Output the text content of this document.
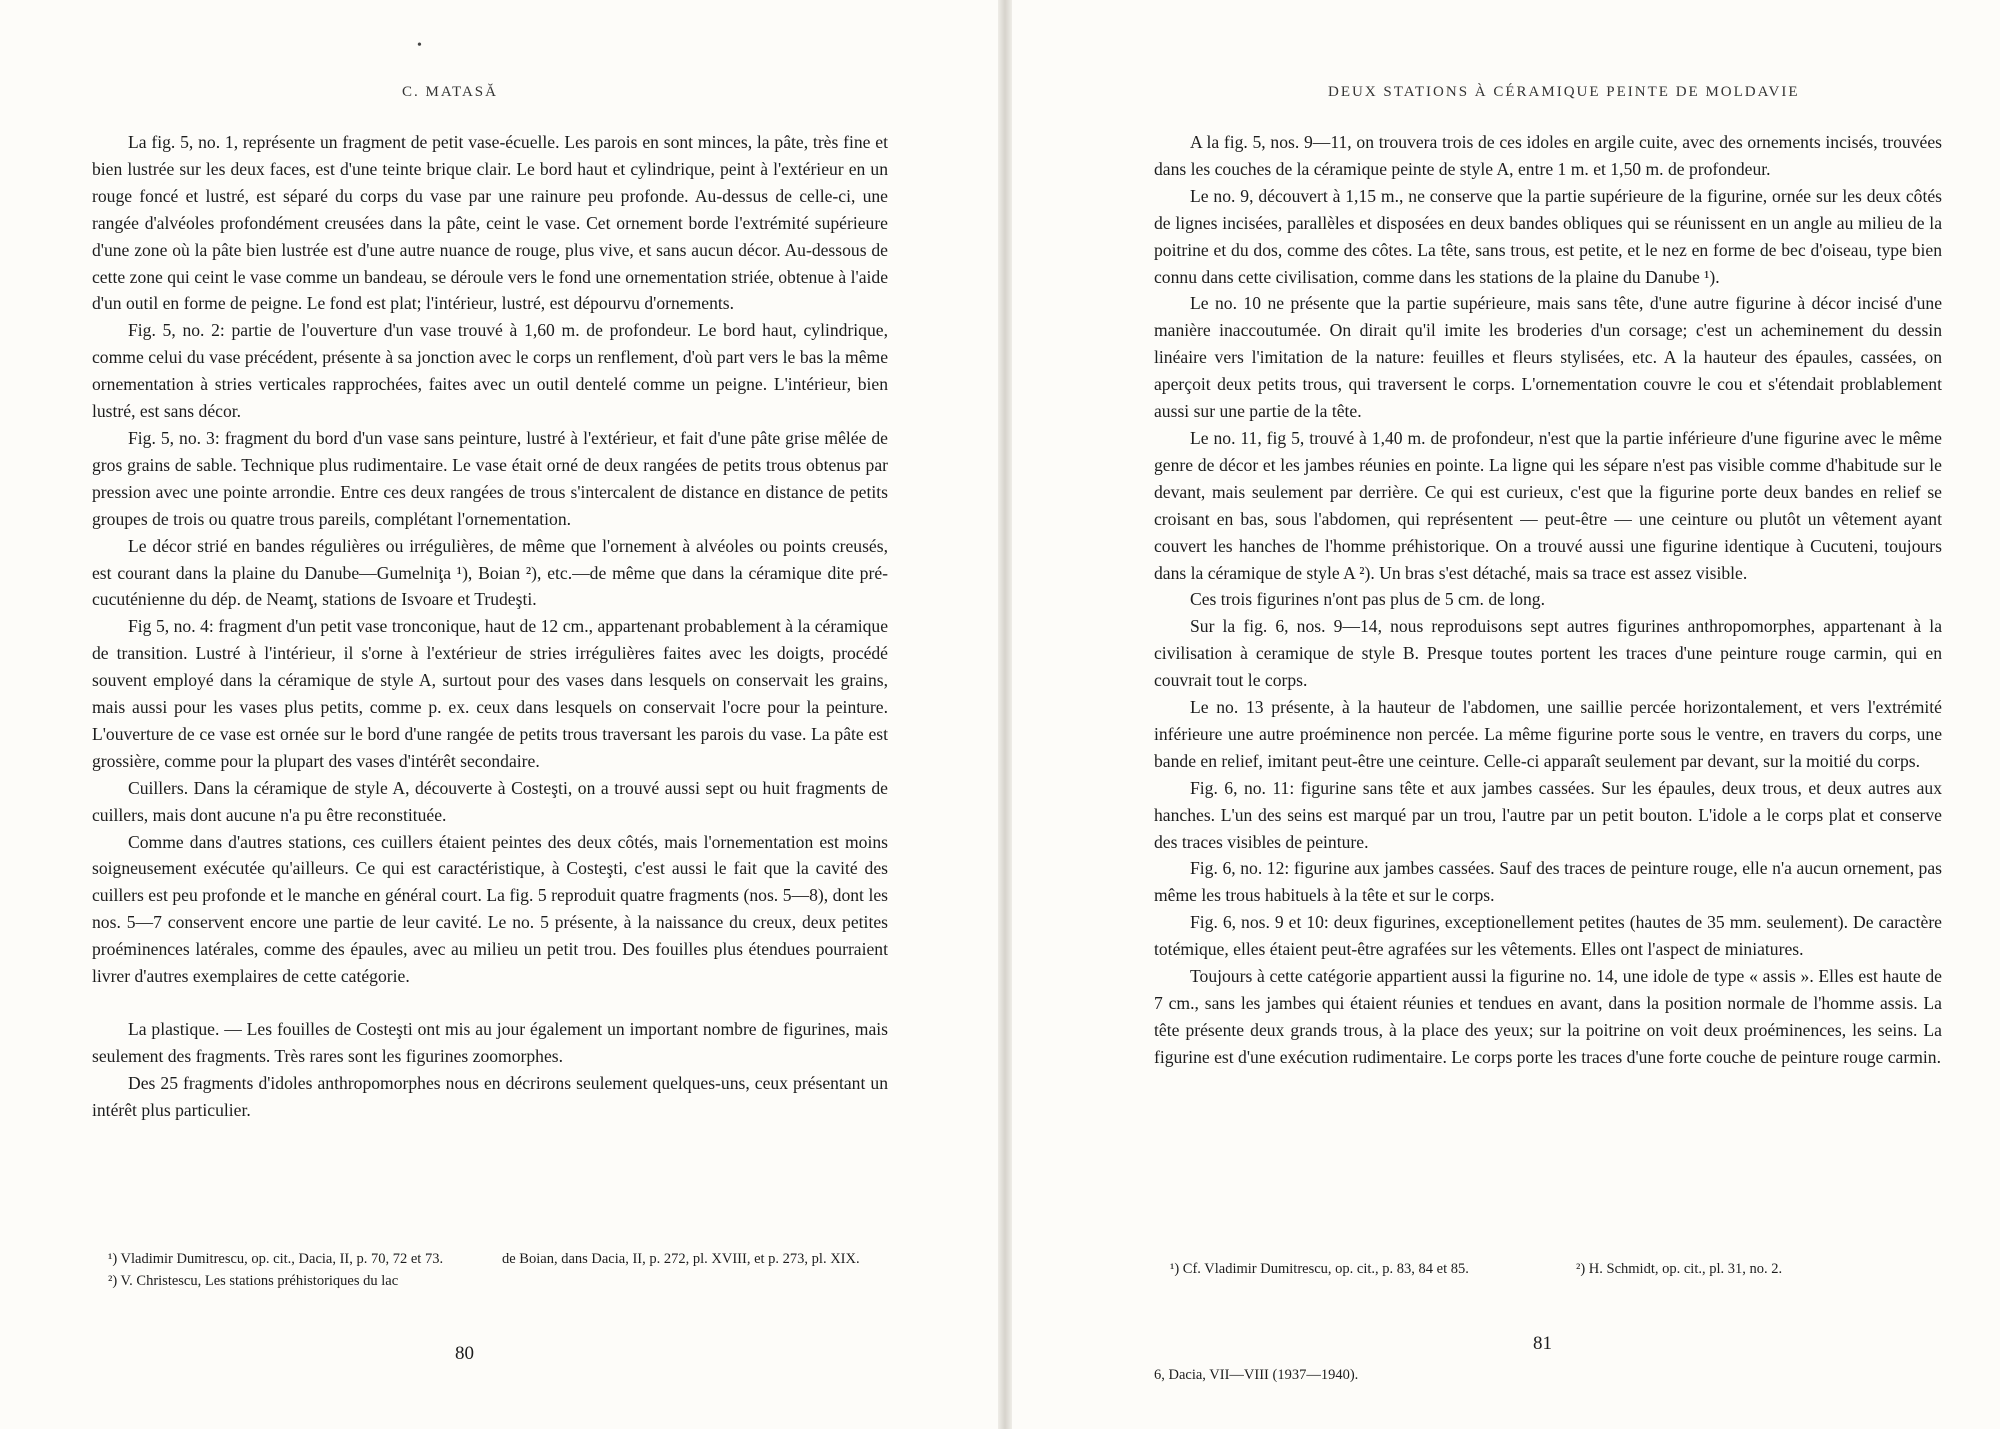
•
C. MATASĂ

La fig. 5, no. 1, représente un fragment de petit vase-écuelle. Les parois en sont minces, la pâte, très fine et bien lustrée sur les deux faces, est d'une teinte brique clair. Le bord haut et cylindrique, peint à l'extérieur en un rouge foncé et lustré, est séparé du corps du vase par une rainure peu profonde. Au-dessus de celle-ci, une rangée d'alvéoles profondément creusées dans la pâte, ceint le vase. Cet ornement borde l'extrémité supérieure d'une zone où la pâte bien lustrée est d'une autre nuance de rouge, plus vive, et sans aucun décor. Au-dessous de cette zone qui ceint le vase comme un bandeau, se déroule vers le fond une ornementation striée, obtenue à l'aide d'un outil en forme de peigne. Le fond est plat; l'intérieur, lustré, est dépourvu d'ornements.

Fig. 5, no. 2: partie de l'ouverture d'un vase trouvé à 1,60 m. de profondeur. Le bord haut, cylindrique, comme celui du vase précédent, présente à sa jonction avec le corps un renflement, d'où part vers le bas la même ornementation à stries verticales rapprochées, faites avec un outil dentelé comme un peigne. L'intérieur, bien lustré, est sans décor.

Fig. 5, no. 3: fragment du bord d'un vase sans peinture, lustré à l'extérieur, et fait d'une pâte grise mêlée de gros grains de sable. Technique plus rudimentaire. Le vase était orné de deux rangées de petits trous obtenus par pression avec une pointe arrondie. Entre ces deux rangées de trous s'intercalent de distance en distance de petits groupes de trois ou quatre trous pareils, complétant l'ornementation.

Le décor strié en bandes régulières ou irrégulières, de même que l'ornement à alvéoles ou points creusés, est courant dans la plaine du Danube—Gumelniţa ¹), Boian ²), etc.—de même que dans la céramique dite pré-cucuténienne du dép. de Neamţ, stations de Isvoare et Trudeşti.

Fig 5, no. 4: fragment d'un petit vase tronconique, haut de 12 cm., appartenant probablement à la céramique de transition. Lustré à l'intérieur, il s'orne à l'extérieur de stries irrégulières faites avec les doigts, procédé souvent employé dans la céramique de style A, surtout pour des vases dans lesquels on conservait les grains, mais aussi pour les vases plus petits, comme p. ex. ceux dans lesquels on conservait l'ocre pour la peinture. L'ouverture de ce vase est ornée sur le bord d'une rangée de petits trous traversant les parois du vase. La pâte est grossière, comme pour la plupart des vases d'intérêt secondaire.

Cuillers. Dans la céramique de style A, découverte à Costeşti, on a trouvé aussi sept ou huit fragments de cuillers, mais dont aucune n'a pu être reconstituée.

Comme dans d'autres stations, ces cuillers étaient peintes des deux côtés, mais l'ornementation est moins soigneusement exécutée qu'ailleurs. Ce qui est caractéristique, à Costeşti, c'est aussi le fait que la cavité des cuillers est peu profonde et le manche en général court. La fig. 5 reproduit quatre fragments (nos. 5—8), dont les nos. 5—7 conservent encore une partie de leur cavité. Le no. 5 présente, à la naissance du creux, deux petites proéminences latérales, comme des épaules, avec au milieu un petit trou. Des fouilles plus étendues pourraient livrer d'autres exemplaires de cette catégorie.

La plastique. — Les fouilles de Costeşti ont mis au jour également un important nombre de figurines, mais seulement des fragments. Très rares sont les figurines zoomorphes.

Des 25 fragments d'idoles anthropomorphes nous en décrirons seulement quelques-uns, ceux présentant un intérêt plus particulier.

¹) Vladimir Dumitrescu, op. cit., Dacia, II, p. 70, 72 et 73.

²) V. Christescu, Les stations préhistoriques du lac

de Boian, dans Dacia, II, p. 272, pl. XVIII, et p. 273, pl. XIX.

80
DEUX STATIONS À CÉRAMIQUE PEINTE DE MOLDAVIE

A la fig. 5, nos. 9—11, on trouvera trois de ces idoles en argile cuite, avec des ornements incisés, trouvées dans les couches de la céramique peinte de style A, entre 1 m. et 1,50 m. de profondeur.

Le no. 9, découvert à 1,15 m., ne conserve que la partie supérieure de la figurine, ornée sur les deux côtés de lignes incisées, parallèles et disposées en deux bandes obliques qui se réunissent en un angle au milieu de la poitrine et du dos, comme des côtes. La tête, sans trous, est petite, et le nez en forme de bec d'oiseau, type bien connu dans cette civilisation, comme dans les stations de la plaine du Danube ¹).

Le no. 10 ne présente que la partie supérieure, mais sans tête, d'une autre figurine à décor incisé d'une manière inaccoutumée. On dirait qu'il imite les broderies d'un corsage; c'est un acheminement du dessin linéaire vers l'imitation de la nature: feuilles et fleurs stylisées, etc. A la hauteur des épaules, cassées, on aperçoit deux petits trous, qui traversent le corps. L'ornementation couvre le cou et s'étendait problablement aussi sur une partie de la tête.

Le no. 11, fig 5, trouvé à 1,40 m. de profondeur, n'est que la partie inférieure d'une figurine avec le même genre de décor et les jambes réunies en pointe. La ligne qui les sépare n'est pas visible comme d'habitude sur le devant, mais seulement par derrière. Ce qui est curieux, c'est que la figurine porte deux bandes en relief se croisant en bas, sous l'abdomen, qui représentent — peut-être — une ceinture ou plutôt un vêtement ayant couvert les hanches de l'homme préhistorique. On a trouvé aussi une figurine identique à Cucuteni, toujours dans la céramique de style A ²). Un bras s'est détaché, mais sa trace est assez visible.

Ces trois figurines n'ont pas plus de 5 cm. de long.

Sur la fig. 6, nos. 9—14, nous reproduisons sept autres figurines anthropomorphes, appartenant à la civilisation à ceramique de style B. Presque toutes portent les traces d'une peinture rouge carmin, qui en couvrait tout le corps.

Le no. 13 présente, à la hauteur de l'abdomen, une saillie percée horizontalement, et vers l'extrémité inférieure une autre proéminence non percée. La même figurine porte sous le ventre, en travers du corps, une bande en relief, imitant peut-être une ceinture. Celle-ci apparaît seulement par devant, sur la moitié du corps.

Fig. 6, no. 11: figurine sans tête et aux jambes cassées. Sur les épaules, deux trous, et deux autres aux hanches. L'un des seins est marqué par un trou, l'autre par un petit bouton. L'idole a le corps plat et conserve des traces visibles de peinture.

Fig. 6, no. 12: figurine aux jambes cassées. Sauf des traces de peinture rouge, elle n'a aucun ornement, pas même les trous habituels à la tête et sur le corps.

Fig. 6, nos. 9 et 10: deux figurines, exceptionellement petites (hautes de 35 mm. seulement). De caractère totémique, elles étaient peut-être agrafées sur les vêtements. Elles ont l'aspect de miniatures.

Toujours à cette catégorie appartient aussi la figurine no. 14, une idole de type « assis ». Elles est haute de 7 cm., sans les jambes qui étaient réunies et tendues en avant, dans la position normale de l'homme assis. La tête présente deux grands trous, à la place des yeux; sur la poitrine on voit deux proéminences, les seins. La figurine est d'une exécution rudimentaire. Le corps porte les traces d'une forte couche de peinture rouge carmin.

¹) Cf. Vladimir Dumitrescu, op. cit., p. 83, 84 et 85.	²) H. Schmidt, op. cit., pl. 31, no. 2.

81
6, Dacia, VII—VIII (1937—1940).
